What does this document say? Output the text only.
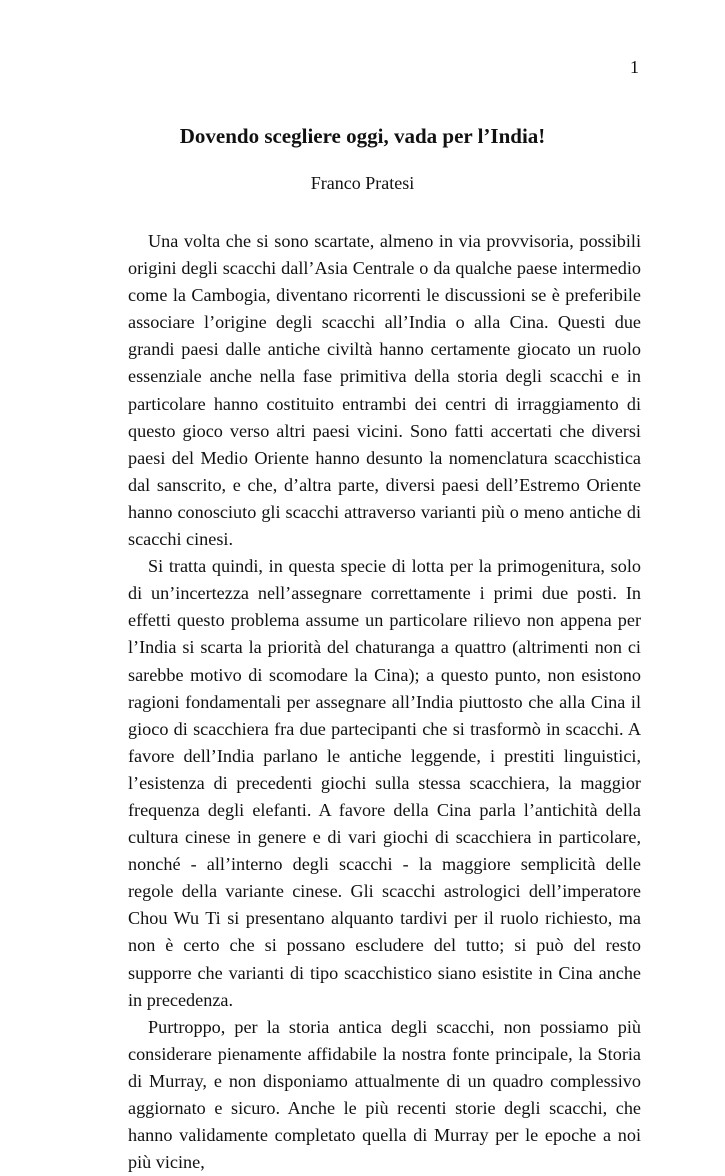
1
Dovendo scegliere oggi, vada per l’India!
Franco Pratesi

Una volta che si sono scartate, almeno in via provvisoria, possibili origini degli scacchi dall’Asia Centrale o da qualche paese intermedio come la Cambogia, diventano ricorrenti le discussioni se è preferibile associare l’origine degli scacchi all’India o alla Cina. Questi due grandi paesi dalle antiche civiltà hanno certamente giocato un ruolo essenziale anche nella fase primitiva della storia degli scacchi e in particolare hanno costituito entrambi dei centri di irraggiamento di questo gioco verso altri paesi vicini. Sono fatti accertati che diversi paesi del Medio Oriente hanno desunto la nomenclatura scacchistica dal sanscrito, e che, d’altra parte, diversi paesi dell’Estremo Oriente hanno conosciuto gli scacchi attraverso varianti più o meno antiche di scacchi cinesi.

Si tratta quindi, in questa specie di lotta per la primogenitura, solo di un’incertezza nell’assegnare correttamente i primi due posti. In effetti questo problema assume un particolare rilievo non appena per l’India si scarta la priorità del chaturanga a quattro (altrimenti non ci sarebbe motivo di scomodare la Cina); a questo punto, non esistono ragioni fondamentali per assegnare all’India piuttosto che alla Cina il gioco di scacchiera fra due partecipanti che si trasformò in scacchi. A favore dell’India parlano le antiche leggende, i prestiti linguistici, l’esistenza di precedenti giochi sulla stessa scacchiera, la maggior frequenza degli elefanti. A favore della Cina parla l’antichità della cultura cinese in genere e di vari giochi di scacchiera in particolare, nonché - all’interno degli scacchi - la maggiore semplicità delle regole della variante cinese. Gli scacchi astrologici dell’imperatore Chou Wu Ti si presentano alquanto tardivi per il ruolo richiesto, ma non è certo che si possano escludere del tutto; si può del resto supporre che varianti di tipo scacchistico siano esistite in Cina anche in precedenza.

Purtroppo, per la storia antica degli scacchi, non possiamo più considerare pienamente affidabile la nostra fonte principale, la Storia di Murray, e non disponiamo attualmente di un quadro complessivo aggiornato e sicuro. Anche le più recenti storie degli scacchi, che hanno validamente completato quella di Murray per le epoche a noi più vicine,
